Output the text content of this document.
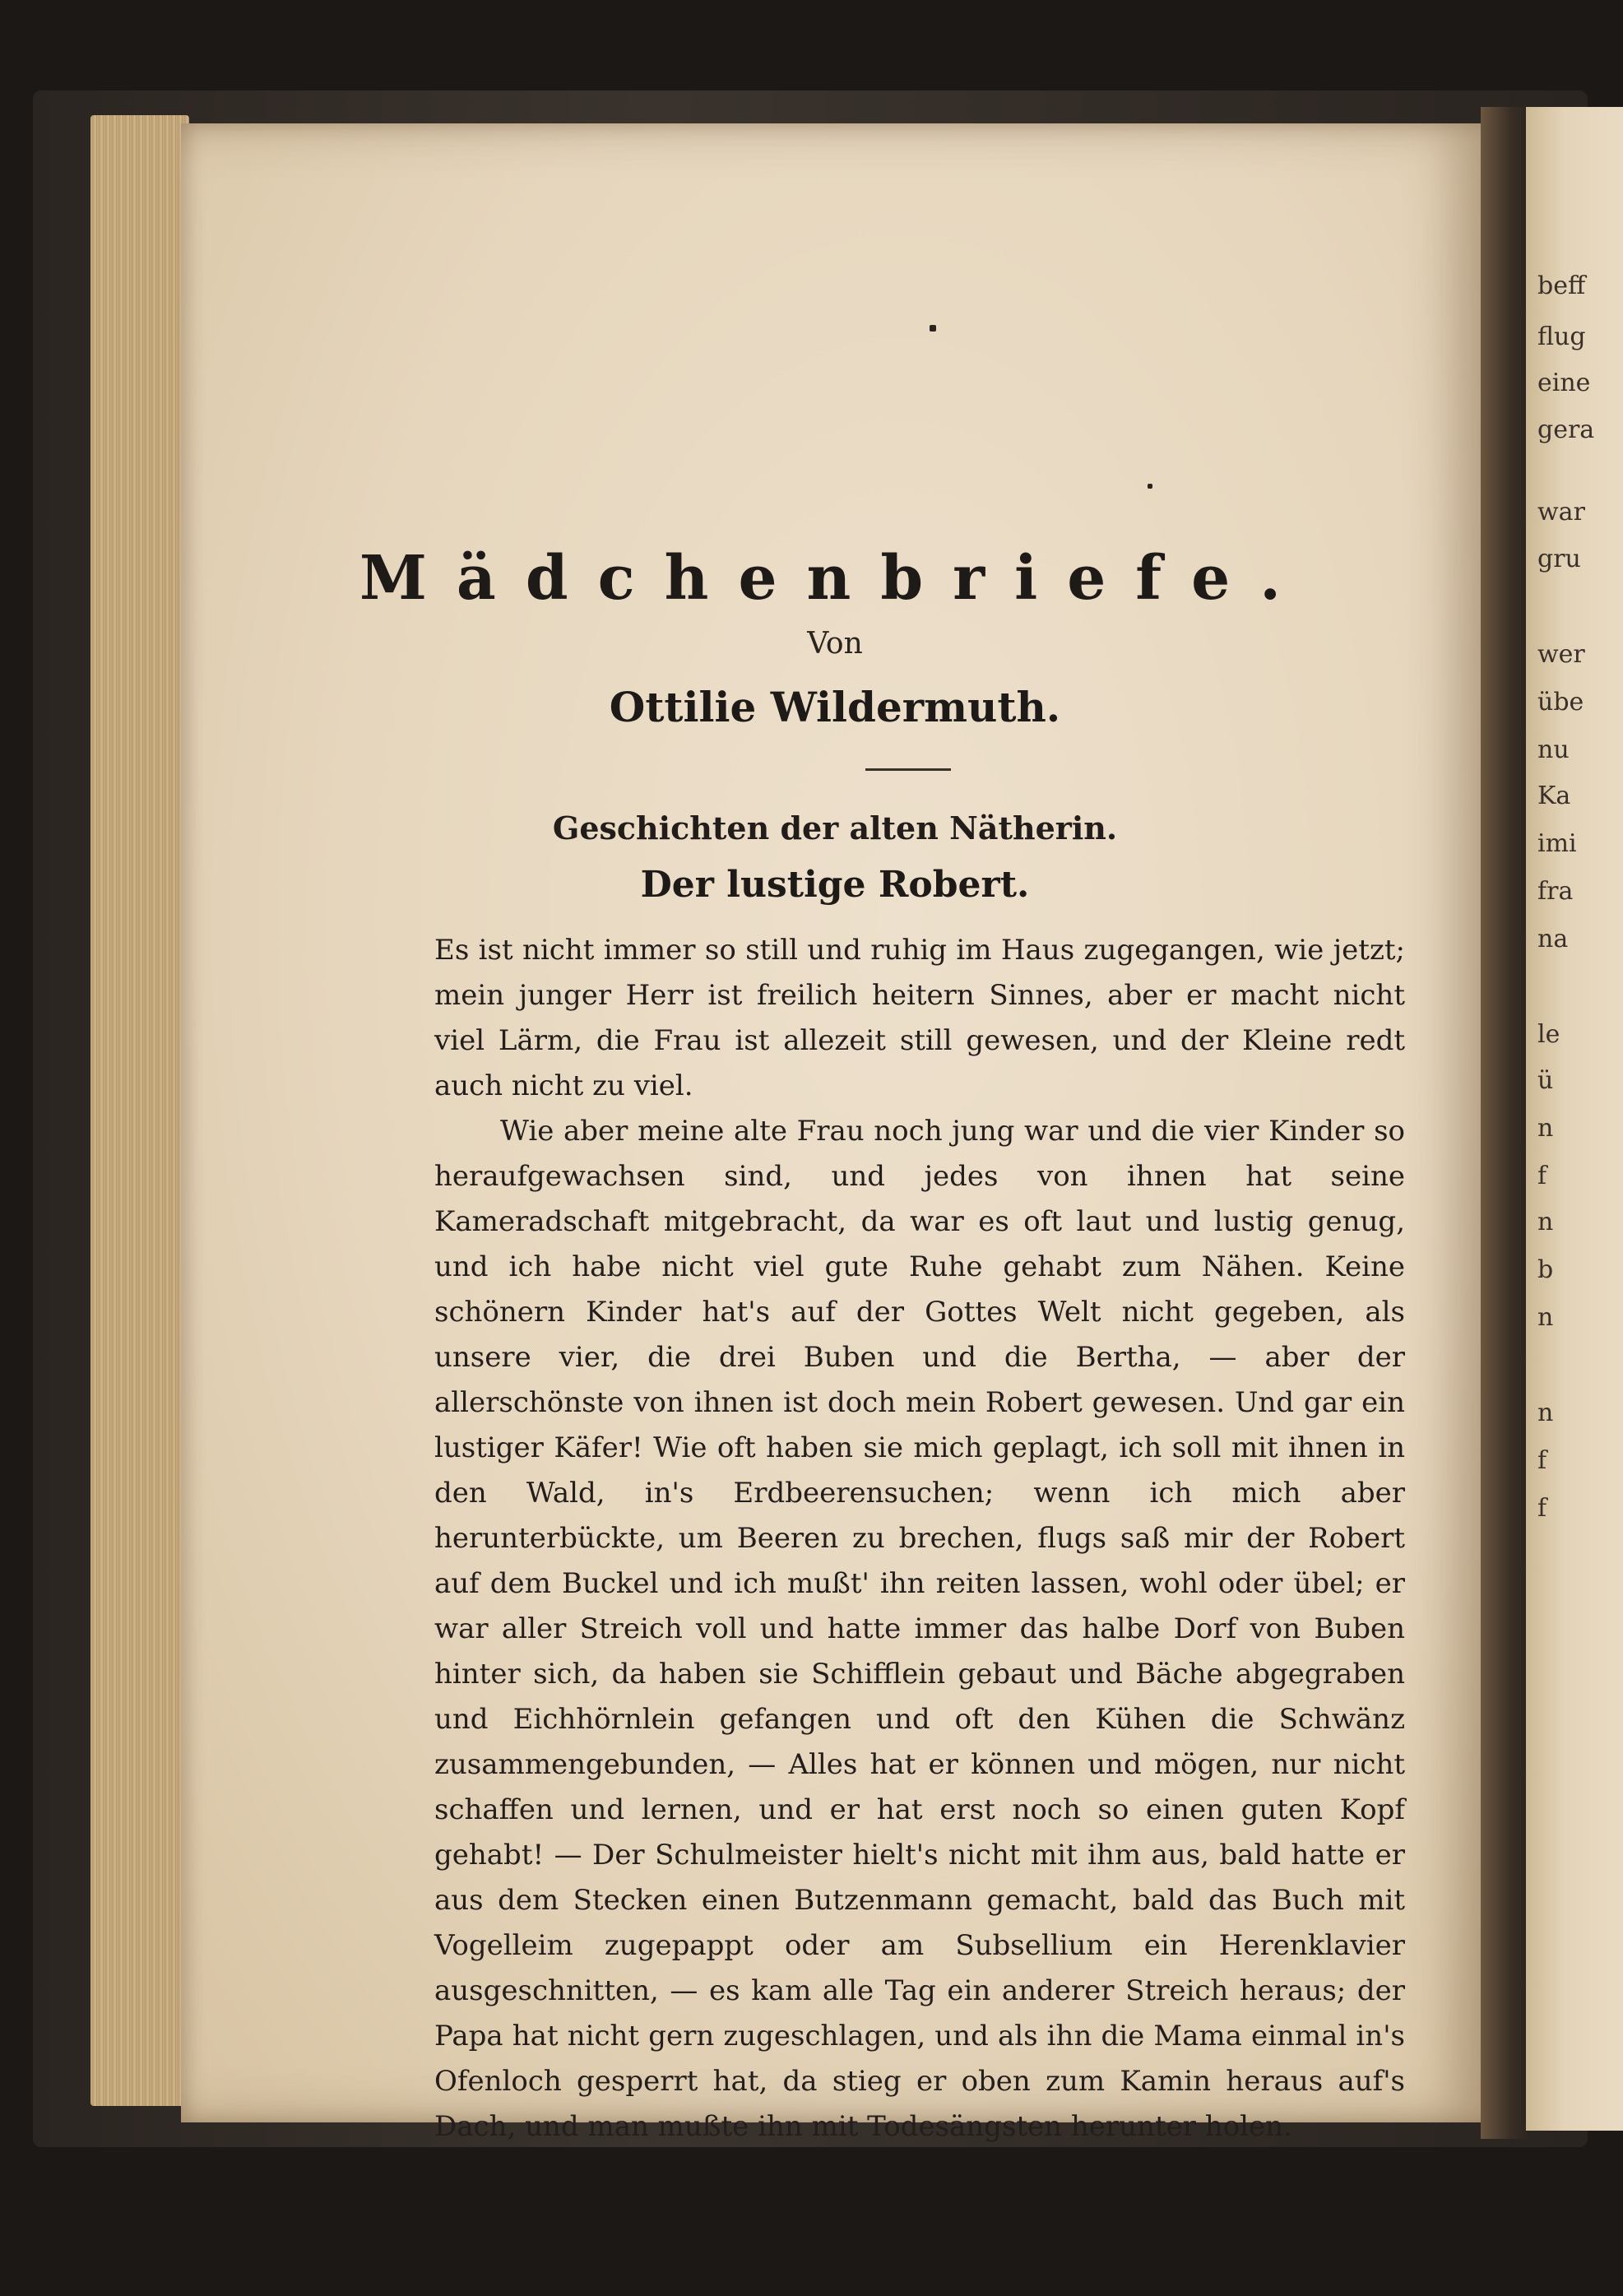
beff
flug
eine
gera
war
gru
wer
übe
nu
Ka
imi
fra
na
le
ü
n
f
n
b
n
n
f
f
Mädchenbriefe.
Von
Ottilie Wildermuth.
Geschichten der alten Nätherin.
Der lustige Robert.

Es ist nicht immer so still und ruhig im Haus zugegangen, wie jetzt; mein junger Herr ist freilich heitern Sinnes, aber er macht nicht viel Lärm, die Frau ist allezeit still gewesen, und der Kleine redt auch nicht zu viel.

Wie aber meine alte Frau noch jung war und die vier Kinder so heraufgewachsen sind, und jedes von ihnen hat seine Kameradschaft mitgebracht, da war es oft laut und lustig genug, und ich habe nicht viel gute Ruhe gehabt zum Nähen. Keine schönern Kinder hat's auf der Gottes Welt nicht gegeben, als unsere vier, die drei Buben und die Bertha, — aber der allerschönste von ihnen ist doch mein Robert gewesen. Und gar ein lustiger Käfer! Wie oft haben sie mich geplagt, ich soll mit ihnen in den Wald, in's Erdbeerensuchen; wenn ich mich aber herunterbückte, um Beeren zu brechen, flugs saß mir der Robert auf dem Buckel und ich mußt' ihn reiten lassen, wohl oder übel; er war aller Streich voll und hatte immer das halbe Dorf von Buben hinter sich, da haben sie Schifflein gebaut und Bäche abgegraben und Eichhörnlein gefangen und oft den Kühen die Schwänz zusammengebunden, — Alles hat er können und mögen, nur nicht schaffen und lernen, und er hat erst noch so einen guten Kopf gehabt! — Der Schulmeister hielt's nicht mit ihm aus, bald hatte er aus dem Stecken einen Butzenmann gemacht, bald das Buch mit Vogelleim zugepappt oder am Subsellium ein Herenklavier ausgeschnitten, — es kam alle Tag ein anderer Streich heraus; der Papa hat nicht gern zugeschlagen, und als ihn die Mama einmal in's Ofenloch gesperrt hat, da stieg er oben zum Kamin heraus auf's Dach, und man mußte ihn mit Todesängsten herunter holen.
